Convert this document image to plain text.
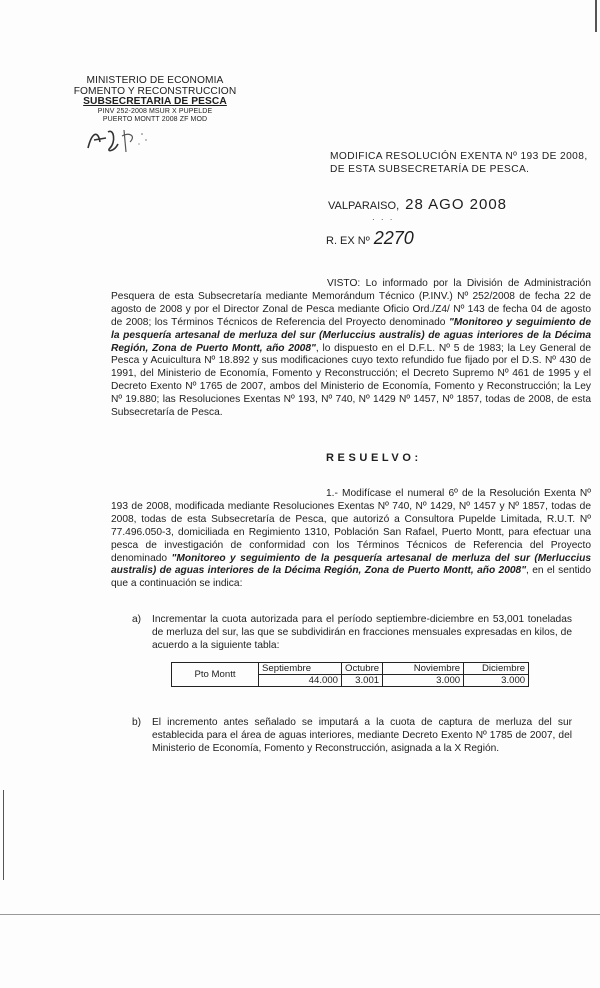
MINISTERIO DE ECONOMIA
FOMENTO Y RECONSTRUCCION
SUBSECRETARIA DE PESCA
PINV 252-2008 MSUR X PUPELDE
PUERTO MONTT 2008 ZF MOD
MODIFICA RESOLUCIÓN EXENTA Nº 193 DE 2008, DE ESTA SUBSECRETARÍA DE PESCA.
VALPARAISO, 28 AGO 2008
· · ·
R. EX Nº 2270
VISTO: Lo informado por la División de Administración Pesquera de esta Subsecretaría mediante Memorándum Técnico (P.INV.) Nº 252/2008 de fecha 22 de agosto de 2008 y por el Director Zonal de Pesca mediante Oficio Ord./Z4/ Nº 143 de fecha 04 de agosto de 2008; los Términos Técnicos de Referencia del Proyecto denominado "Monitoreo y seguimiento de la pesquería artesanal de merluza del sur (Merluccius australis) de aguas interiores de la Décima Región, Zona de Puerto Montt, año 2008", lo dispuesto en el D.F.L. Nº 5 de 1983; la Ley General de Pesca y Acuicultura Nº 18.892 y sus modificaciones cuyo texto refundido fue fijado por el D.S. Nº 430 de 1991, del Ministerio de Economía, Fomento y Reconstrucción; el Decreto Supremo Nº 461 de 1995 y el Decreto Exento Nº 1765 de 2007, ambos del Ministerio de Economía, Fomento y Reconstrucción; la Ley Nº 19.880; las Resoluciones Exentas Nº 193, Nº 740, Nº 1429 Nº 1457, Nº 1857, todas de 2008, de esta Subsecretaría de Pesca.
RESUELVO:
1.- Modifícase el numeral 6º de la Resolución Exenta Nº 193 de 2008, modificada mediante Resoluciones Exentas Nº 740, Nº 1429, Nº 1457 y Nº 1857, todas de 2008, todas de esta Subsecretaría de Pesca, que autorizó a Consultora Pupelde Limitada, R.U.T. Nº 77.496.050-3, domiciliada en Regimiento 1310, Población San Rafael, Puerto Montt, para efectuar una pesca de investigación de conformidad con los Términos Técnicos de Referencia del Proyecto denominado "Monitoreo y seguimiento de la pesquería artesanal de merluza del sur (Merluccius australis) de aguas interiores de la Décima Región, Zona de Puerto Montt, año 2008", en el sentido que a continuación se indica:
a) Incrementar la cuota autorizada para el período septiembre-diciembre en 53,001 toneladas de merluza del sur, las que se subdividirán en fracciones mensuales expresadas en kilos, de acuerdo a la siguiente tabla:
Pto Montt	Septiembre	Octubre	Noviembre	Diciembre
	44.000	3.001	3.000	3.000
b) El incremento antes señalado se imputará a la cuota de captura de merluza del sur establecida para el área de aguas interiores, mediante Decreto Exento Nº 1785 de 2007, del Ministerio de Economía, Fomento y Reconstrucción, asignada a la X Región.
